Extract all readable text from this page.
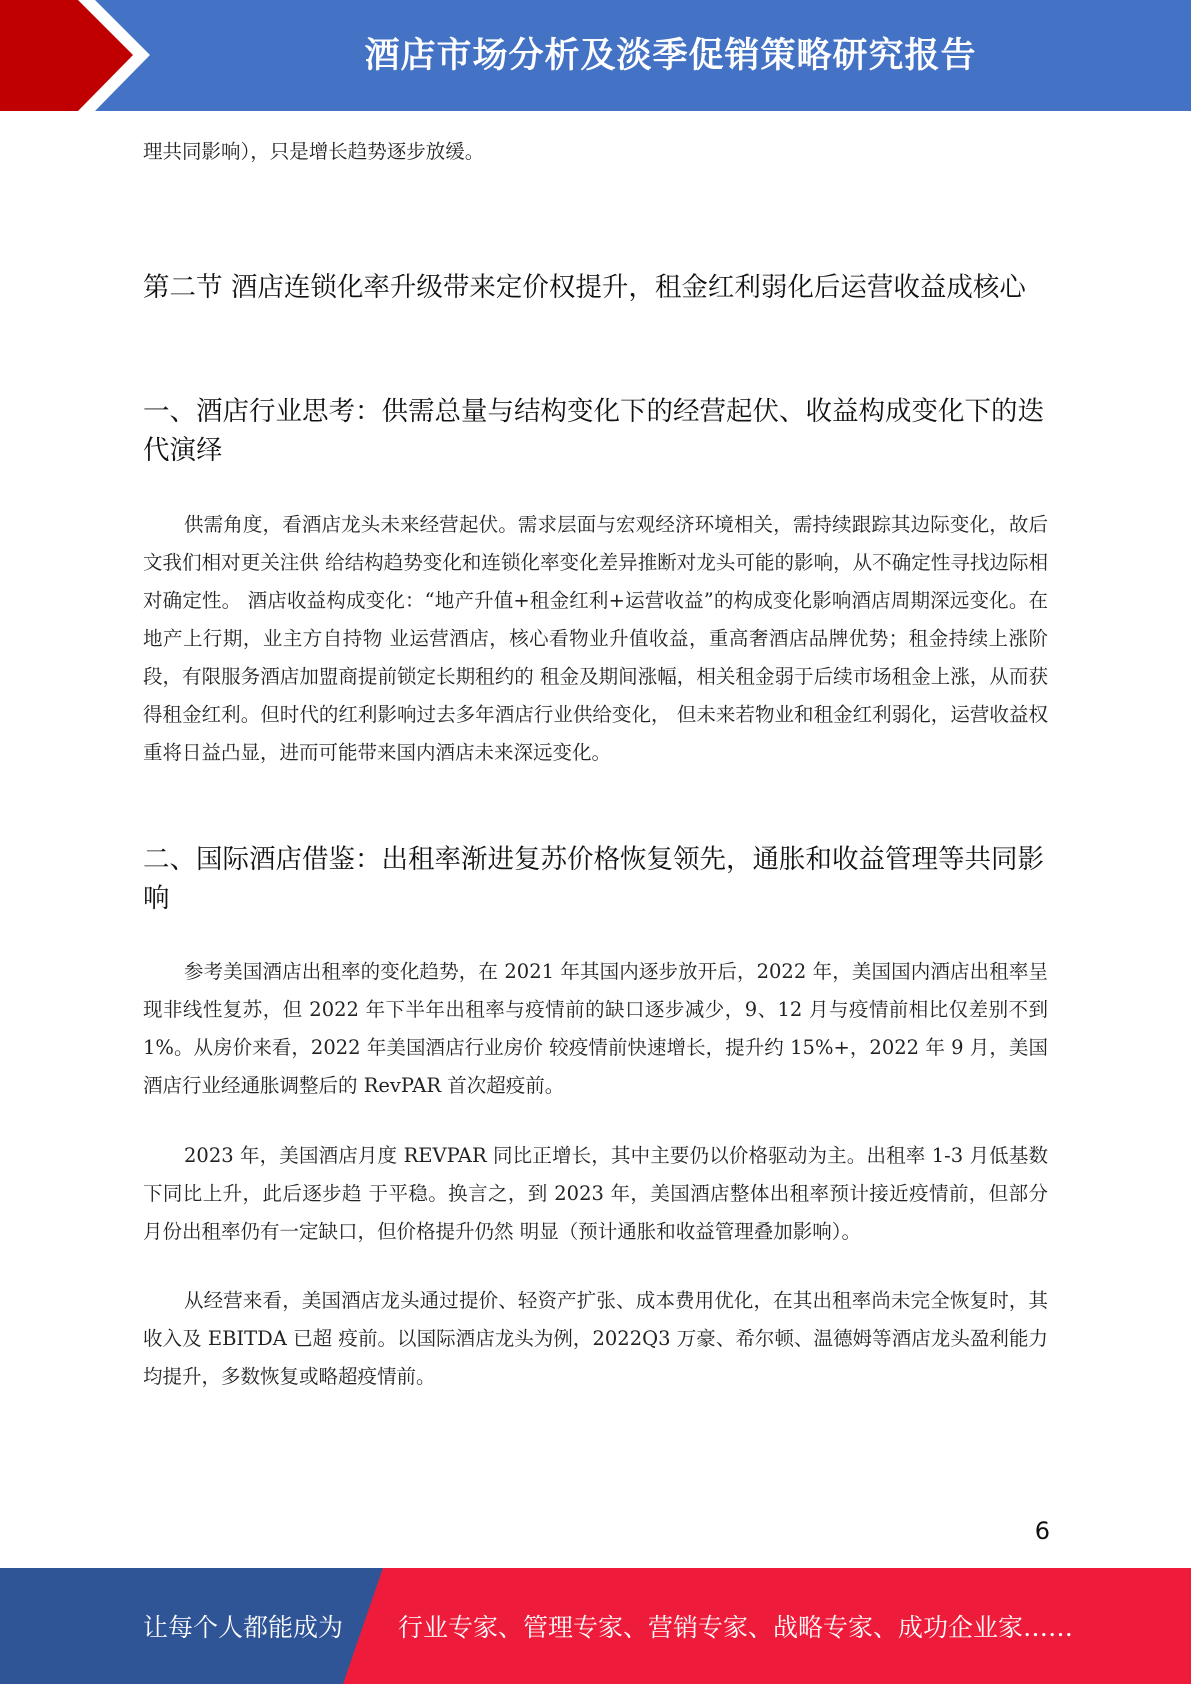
酒店市场分析及淡季促销策略研究报告

理共同影响），只是增长趋势逐步放缓。

第二节 酒店连锁化率升级带来定价权提升，租金红利弱化后运营收益成核心
一、酒店行业思考：供需总量与结构变化下的经营起伏、收益构成变化下的迭代演绎

供需角度，看酒店龙头未来经营起伏。需求层面与宏观经济环境相关，需持续跟踪其边际变化，故后文我们相对更关注供 给结构趋势变化和连锁化率变化差异推断对龙头可能的影响，从不确定性寻找边际相对确定性。 酒店收益构成变化：“地产升值+租金红利+运营收益”的构成变化影响酒店周期深远变化。在地产上行期，业主方自持物 业运营酒店，核心看物业升值收益，重高奢酒店品牌优势；租金持续上涨阶段，有限服务酒店加盟商提前锁定长期租约的 租金及期间涨幅，相关租金弱于后续市场租金上涨，从而获得租金红利。但时代的红利影响过去多年酒店行业供给变化， 但未来若物业和租金红利弱化，运营收益权重将日益凸显，进而可能带来国内酒店未来深远变化。

二、国际酒店借鉴：出租率渐进复苏价格恢复领先，通胀和收益管理等共同影响

参考美国酒店出租率的变化趋势，在 2021 年其国内逐步放开后，2022 年，美国国内酒店出租率呈现非线性复苏，但 2022 年下半年出租率与疫情前的缺口逐步减少，9、12 月与疫情前相比仅差别不到 1%。从房价来看，2022 年美国酒店行业房价 较疫情前快速增长，提升约 15%+，2022 年 9 月，美国酒店行业经通胀调整后的 RevPAR 首次超疫前。

2023 年，美国酒店月度 REVPAR 同比正增长，其中主要仍以价格驱动为主。出租率 1-3 月低基数下同比上升，此后逐步趋 于平稳。换言之，到 2023 年，美国酒店整体出租率预计接近疫情前，但部分月份出租率仍有一定缺口，但价格提升仍然 明显（预计通胀和收益管理叠加影响）。

从经营来看，美国酒店龙头通过提价、轻资产扩张、成本费用优化，在其出租率尚未完全恢复时，其收入及 EBITDA 已超 疫前。以国际酒店龙头为例，2022Q3 万豪、希尔顿、温德姆等酒店龙头盈利能力均提升，多数恢复或略超疫情前。

6
让每个人都能成为 行业专家、管理专家、营销专家、战略专家、成功企业家……
